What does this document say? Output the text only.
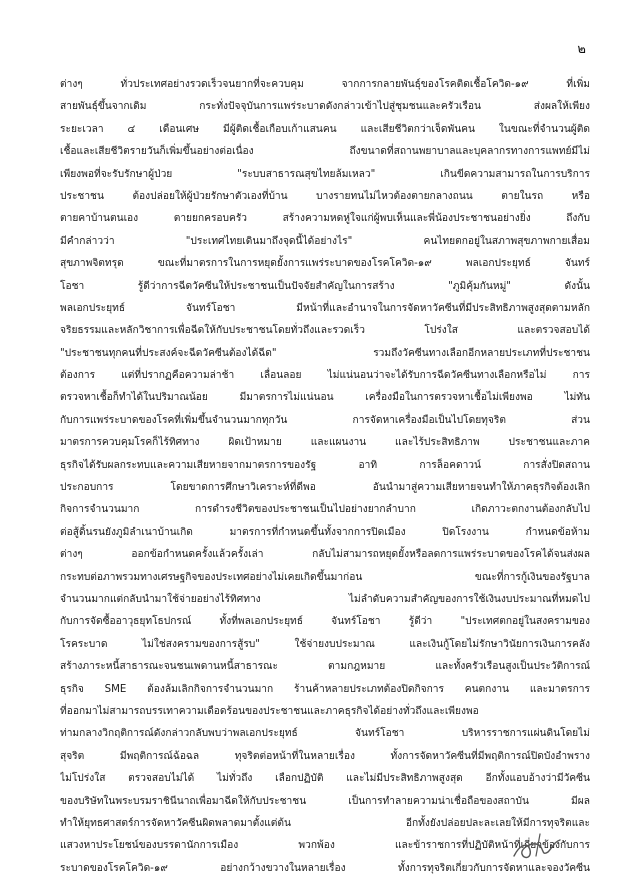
๒
ต่างๆ ทั่วประเทศอย่างรวดเร็วจนยากที่จะควบคุม จากการกลายพันธุ์ของโรคติดเชื้อโควิด-๑๙ ที่เพิ่ม
สายพันธุ์ขึ้นจากเดิม กระทั่งปัจจุบันการแพร่ระบาดดังกล่าวเข้าไปสู่ชุมชนและครัวเรือน ส่งผลให้เพียง
ระยะเวลา ๔ เดือนเศษ มีผู้ติดเชื้อเกือบเก้าแสนคน และเสียชีวิตกว่าเจ็ดพันคน ในขณะที่จำนวนผู้ติด
เชื้อและเสียชีวิตรายวันก็เพิ่มขึ้นอย่างต่อเนื่อง ถึงขนาดที่สถานพยาบาลและบุคลากรทางการแพทย์มีไม่
เพียงพอที่จะรับรักษาผู้ป่วย "ระบบสาธารณสุขไทยล้มเหลว" เกินขีดความสามารถในการบริการ
ประชาชน ต้องปล่อยให้ผู้ป่วยรักษาตัวเองที่บ้าน บางรายทนไม่ไหวต้องตายกลางถนน ตายในรถ หรือ
ตายคาบ้านตนเอง ตายยกครอบครัว สร้างความหดหู่ใจแก่ผู้พบเห็นและพี่น้องประชาชนอย่างยิ่ง ถึงกับ
มีคำกล่าวว่า "ประเทศไทยเดินมาถึงจุดนี้ได้อย่างไร" คนไทยตกอยู่ในสภาพสุขภาพกายเสื่อม
สุขภาพจิตทรุด ขณะที่มาตรการในการหยุดยั้งการแพร่ระบาดของโรคโควิด-๑๙ พลเอกประยุทธ์ จันทร์
โอชา รู้ดีว่าการฉีดวัคซีนให้ประชาชนเป็นปัจจัยสำคัญในการสร้าง "ภูมิคุ้มกันหมู่" ดังนั้น
พลเอกประยุทธ์ จันทร์โอชา มีหน้าที่และอำนาจในการจัดหาวัคซีนที่มีประสิทธิภาพสูงสุดตามหลัก
จริยธรรมและหลักวิชาการเพื่อฉีดให้กับประชาชนโดยทั่วถึงและรวดเร็ว โปร่งใส และตรวจสอบได้
"ประชาชนทุกคนที่ประสงค์จะฉีดวัคซีนต้องได้ฉีด" รวมถึงวัคซีนทางเลือกอีกหลายประเภทที่ประชาชน
ต้องการ แต่ที่ปรากฏคือความล่าช้า เลื่อนลอย ไม่แน่นอนว่าจะได้รับการฉีดวัคซีนทางเลือกหรือไม่ การ
ตรวจหาเชื้อก็ทำได้ในปริมาณน้อย มีมาตรการไม่แน่นอน เครื่องมือในการตรวจหาเชื้อไม่เพียงพอ ไม่ทัน
กับการแพร่ระบาดของโรคที่เพิ่มขึ้นจำนวนมากทุกวัน การจัดหาเครื่องมือเป็นไปโดยทุจริต ส่วน
มาตรการควบคุมโรคก็ไร้ทิศทาง ผิดเป้าหมาย และแผนงาน และไร้ประสิทธิภาพ ประชาชนและภาค
ธุรกิจได้รับผลกระทบและความเสียหายจากมาตรการของรัฐ อาทิ การล็อคดาวน์ การสั่งปิดสถาน
ประกอบการ โดยขาดการศึกษาวิเคราะห์ที่ดีพอ อันนำมาสู่ความเสียหายจนทำให้ภาคธุรกิจต้องเลิก
กิจการจำนวนมาก การดำรงชีวิตของประชาชนเป็นไปอย่างยากลำบาก เกิดภาวะตกงานต้องกลับไป
ต่อสู้ดิ้นรนยังภูมิลำเนาบ้านเกิด มาตรการที่กำหนดขึ้นทั้งจากการปิดเมือง ปิดโรงงาน กำหนดข้อห้าม
ต่างๆ ออกข้อกำหนดครั้งแล้วครั้งเล่า กลับไม่สามารถหยุดยั้งหรือลดการแพร่ระบาดของโรคได้จนส่งผล
กระทบต่อภาพรวมทางเศรษฐกิจของประเทศอย่างไม่เคยเกิดขึ้นมาก่อน ขณะที่การกู้เงินของรัฐบาล
จำนวนมากแต่กลับนำมาใช้จ่ายอย่างไร้ทิศทาง ไม่ลำดับความสำคัญของการใช้เงินงบประมาณที่หมดไป
กับการจัดซื้ออาวุธยุทโธปกรณ์ ทั้งที่พลเอกประยุทธ์ จันทร์โอชา รู้ดีว่า "ประเทศตกอยู่ในสงครามของ
โรคระบาด ไม่ใช่สงครามของการสู้รบ" ใช้จ่ายงบประมาณ และเงินกู้โดยไม่รักษาวินัยการเงินการคลัง
สร้างภาระหนี้สาธารณะจนชนเพดานหนี้สาธารณะ ตามกฎหมาย และทั้งครัวเรือนสูงเป็นประวัติการณ์
ธุรกิจ SME ต้องล้มเลิกกิจการจำนวนมาก ร้านค้าหลายประเภทต้องปิดกิจการ คนตกงาน และมาตรการ
ที่ออกมาไม่สามารถบรรเทาความเดือดร้อนของประชาชนและภาคธุรกิจได้อย่างทั่วถึงและเพียงพอ
ท่ามกลางวิกฤติการณ์ดังกล่าวกลับพบว่าพลเอกประยุทธ์ จันทร์โอชา บริหารราชการแผ่นดินโดยไม่
สุจริต มีพฤติการณ์ฉ้อฉล ทุจริตต่อหน้าที่ในหลายเรื่อง ทั้งการจัดหาวัคซีนที่มีพฤติการณ์ปิดบังอำพราง
ไม่โปร่งใส ตรวจสอบไม่ได้ ไม่ทั่วถึง เลือกปฏิบัติ และไม่มีประสิทธิภาพสูงสุด อีกทั้งแอบอ้างว่ามีวัคซีน
ของบริษัทในพระบรมราชินีนาถเพื่อมาฉีดให้กับประชาชน เป็นการทำลายความน่าเชื่อถือของสถาบัน มีผล
ทำให้ยุทธศาสตร์การจัดหาวัคซีนผิดพลาดมาตั้งแต่ต้น อีกทั้งยังปล่อยปละละเลยให้มีการทุจริตและ
แสวงหาประโยชน์ของบรรดานักการเมือง พวกพ้อง และข้าราชการที่ปฏิบัติหน้าที่เกี่ยวข้องกับการ
ระบาดของโรคโควิด-๑๙ อย่างกว้างขวางในหลายเรื่อง ทั้งการทุจริตเกี่ยวกับการจัดหาและจองวัคซีน
